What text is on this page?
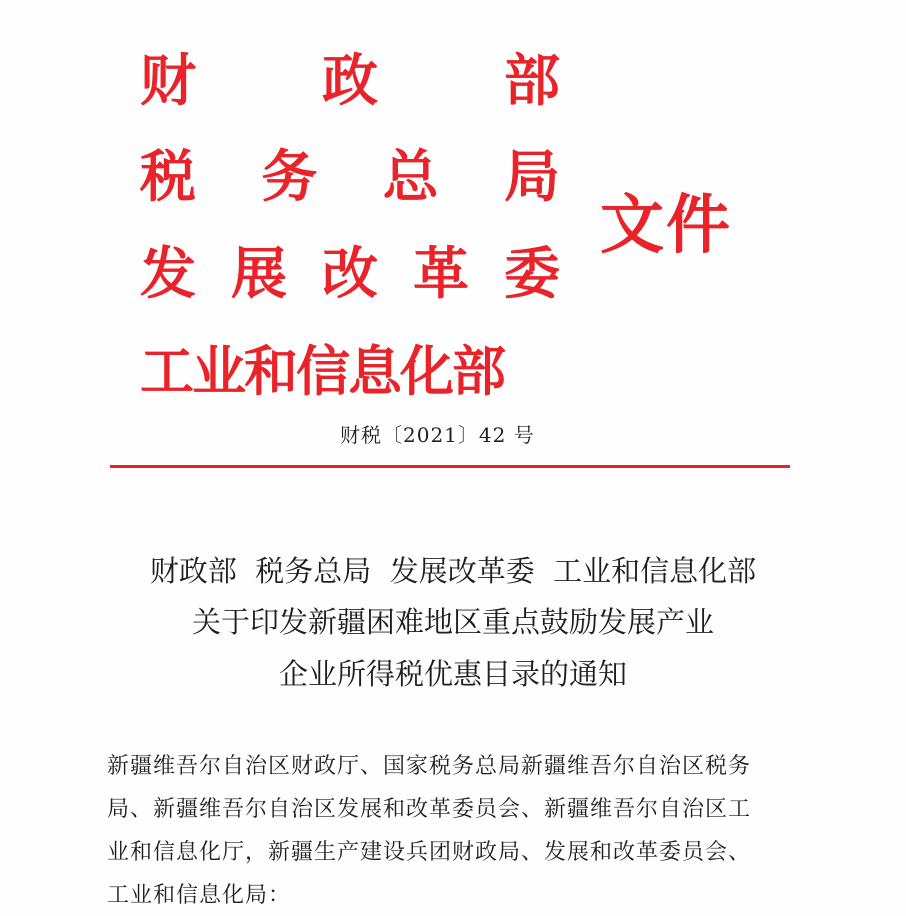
财 政 部
税 务 总 局
发 展 改 革 委
工业和信息化部
文件
财税〔2021〕42 号
财政部  税务总局  发展改革委  工业和信息化部
关于印发新疆困难地区重点鼓励发展产业
企业所得税优惠目录的通知
新疆维吾尔自治区财政厅、国家税务总局新疆维吾尔自治区税务
局、新疆维吾尔自治区发展和改革委员会、新疆维吾尔自治区工
业和信息化厅，新疆生产建设兵团财政局、发展和改革委员会、
工业和信息化局：
